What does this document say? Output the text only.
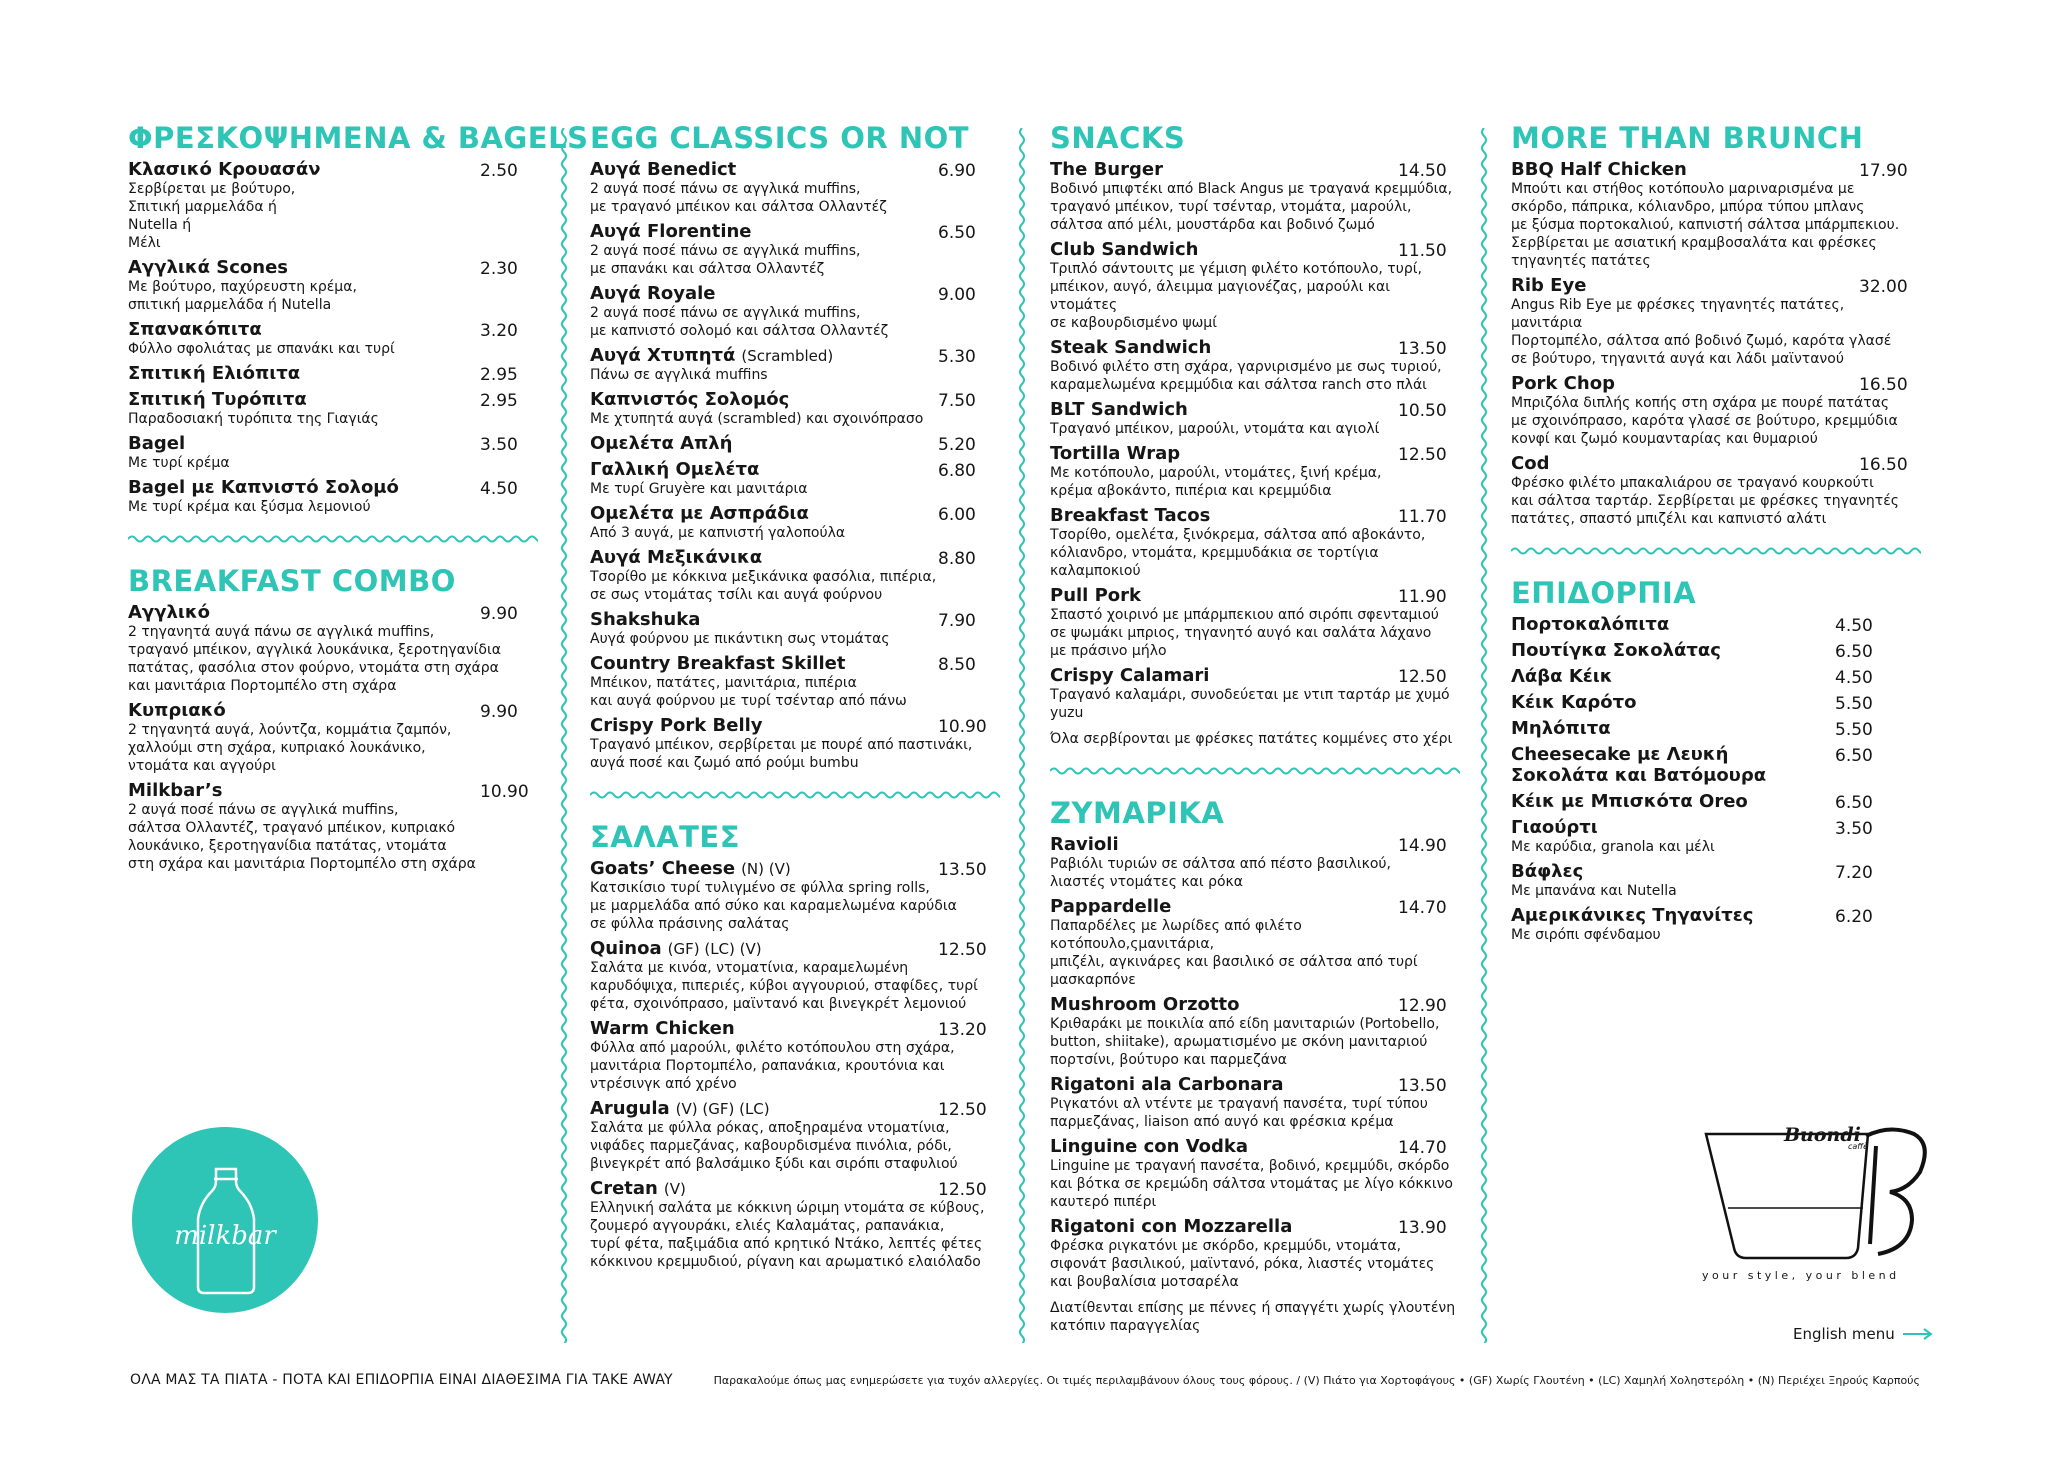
ΦΡΕΣΚΟΨΗΜΕΝΑ & BAGELS
Κλασικό Κρουασάν	2.50
Σερβίρεται με βούτυρο,
Σπιτική μαρμελάδα ή
Nutella ή
Μέλι
Αγγλικά Scones	2.30
Με βούτυρο, παχύρευστη κρέμα,
σπιτική μαρμελάδα ή Nutella
Σπανακόπιτα	3.20
Φύλλο σφολιάτας με σπανάκι και τυρί
Σπιτική Ελιόπιτα	2.95
Σπιτική Τυρόπιτα	2.95
Παραδοσιακή τυρόπιτα της Γιαγιάς
Bagel	3.50
Με τυρί κρέμα
Bagel με Καπνιστό Σολομό	4.50
Με τυρί κρέμα και ξύσμα λεμονιού
BREAKFAST COMBO
Αγγλικό	9.90
2 τηγανητά αυγά πάνω σε αγγλικά muffins,
τραγανό μπέικον, αγγλικά λουκάνικα, ξεροτηγανίδια
πατάτας, φασόλια στον φούρνο, ντομάτα στη σχάρα
και μανιτάρια Πορτομπέλο στη σχάρα
Κυπριακό	9.90
2 τηγανητά αυγά, λούντζα, κομμάτια ζαμπόν,
χαλλούμι στη σχάρα, κυπριακό λουκάνικο,
ντομάτα και αγγούρι
Milkbar’s	10.90
2 αυγά ποσέ πάνω σε αγγλικά muffins,
σάλτσα Ολλαντέζ, τραγανό μπέικον, κυπριακό
λουκάνικο, ξεροτηγανίδια πατάτας, ντομάτα
στη σχάρα και μανιτάρια Πορτομπέλο στη σχάρα
EGG CLASSICS OR NOT
Αυγά Benedict	6.90
2 αυγά ποσέ πάνω σε αγγλικά muffins,
με τραγανό μπέικον και σάλτσα Ολλαντέζ
Αυγά Florentine	6.50
2 αυγά ποσέ πάνω σε αγγλικά muffins,
με σπανάκι και σάλτσα Ολλαντέζ
Αυγά Royale	9.00
2 αυγά ποσέ πάνω σε αγγλικά muffins,
με καπνιστό σολομό και σάλτσα Ολλαντέζ
Αυγά Χτυπητά (Scrambled)	5.30
Πάνω σε αγγλικά muffins
Καπνιστός Σολομός	7.50
Με χτυπητά αυγά (scrambled) και σχοινόπρασο
Ομελέτα Απλή	5.20
Γαλλική Ομελέτα	6.80
Με τυρί Gruyère και μανιτάρια
Ομελέτα με Ασπράδια	6.00
Από 3 αυγά, με καπνιστή γαλοπούλα
Αυγά Μεξικάνικα	8.80
Τσορίθο με κόκκινα μεξικάνικα φασόλια, πιπέρια,
σε σως ντομάτας τσίλι και αυγά φούρνου
Shakshuka	7.90
Αυγά φούρνου με πικάντικη σως ντομάτας
Country Breakfast Skillet	8.50
Μπέικον, πατάτες, μανιτάρια, πιπέρια
και αυγά φούρνου με τυρί τσένταρ από πάνω
Crispy Pork Belly	10.90
Τραγανό μπέικον, σερβίρεται με πουρέ από παστινάκι,
αυγά ποσέ και ζωμό από ρούμι bumbu
ΣΑΛΑΤΕΣ
Goats’ Cheese (N) (V)	13.50
Κατσικίσιο τυρί τυλιγμένο σε φύλλα spring rolls,
με μαρμελάδα από σύκο και καραμελωμένα καρύδια
σε φύλλα πράσινης σαλάτας
Quinoa (GF) (LC) (V)	12.50
Σαλάτα με κινόα, ντοματίνια, καραμελωμένη
καρυδόψιχα, πιπεριές, κύβοι αγγουριού, σταφίδες, τυρί
φέτα, σχοινόπρασο, μαϊντανό και βινεγκρέτ λεμονιού
Warm Chicken	13.20
Φύλλα από μαρούλι, φιλέτο κοτόπουλου στη σχάρα,
μανιτάρια Πορτομπέλο, ραπανάκια, κρουτόνια και
ντρέσινγκ από χρένο
Arugula (V) (GF) (LC)	12.50
Σαλάτα με φύλλα ρόκας, αποξηραμένα ντοματίνια,
νιφάδες παρμεζάνας, καβουρδισμένα πινόλια, ρόδι,
βινεγκρέτ από βαλσάμικο ξύδι και σιρόπι σταφυλιού
Cretan (V)	12.50
Ελληνική σαλάτα με κόκκινη ώριμη ντομάτα σε κύβους,
ζουμερό αγγουράκι, ελιές Καλαμάτας, ραπανάκια,
τυρί φέτα, παξιμάδια από κρητικό Ντάκο, λεπτές φέτες
κόκκινου κρεμμυδιού, ρίγανη και αρωματικό ελαιόλαδο
SNACKS
The Burger	14.50
Βοδινό μπιφτέκι από Black Angus με τραγανά κρεμμύδια,
τραγανό μπέικον, τυρί τσένταρ, ντομάτα, μαρούλι,
σάλτσα από μέλι, μουστάρδα και βοδινό ζωμό
Club Sandwich	11.50
Τριπλό σάντουιτς με γέμιση φιλέτο κοτόπουλο, τυρί,
μπέικον, αυγό, άλειμμα μαγιονέζας, μαρούλι και ντομάτες
σε καβουρδισμένο ψωμί
Steak Sandwich	13.50
Βοδινό φιλέτο στη σχάρα, γαρνιρισμένο με σως τυριού,
καραμελωμένα κρεμμύδια και σάλτσα ranch στο πλάι
BLT Sandwich	10.50
Τραγανό μπέικον, μαρούλι, ντομάτα και αγιολί
Tortilla Wrap	12.50
Με κοτόπουλο, μαρούλι, ντομάτες, ξινή κρέμα,
κρέμα αβοκάντο, πιπέρια και κρεμμύδια
Breakfast Tacos	11.70
Τσορίθο, ομελέτα, ξινόκρεμα, σάλτσα από αβοκάντο,
κόλιανδρο, ντομάτα, κρεμμυδάκια σε τορτίγια καλαμποκιού
Pull Pork	11.90
Σπαστό χοιρινό με μπάρμπεκιου από σιρόπι σφενταμιού
σε ψωμάκι μπριος, τηγανητό αυγό και σαλάτα λάχανο
με πράσινο μήλο
Crispy Calamari	12.50
Τραγανό καλαμάρι, συνοδεύεται με ντιπ ταρτάρ με χυμό yuzu
Όλα σερβίρονται με φρέσκες πατάτες κομμένες στο χέρι
ΖΥΜΑΡΙΚΑ
Ravioli	14.90
Ραβιόλι τυριών σε σάλτσα από πέστο βασιλικού,
λιαστές ντομάτες και ρόκα
Pappardelle	14.70
Παπαρδέλες με λωρίδες από φιλέτο κοτόπουλο,ςμανιτάρια,
μπιζέλι, αγκινάρες και βασιλικό σε σάλτσα από τυρί
μασκαρπόνε
Mushroom Orzotto	12.90
Κριθαράκι με ποικιλία από είδη μανιταριών (Portobello,
button, shiitake), αρωματισμένο με σκόνη μανιταριού
πορτσίνι, βούτυρο και παρμεζάνα
Rigatoni ala Carbonara	13.50
Ριγκατόνι αλ ντέντε με τραγανή πανσέτα, τυρί τύπου
παρμεζάνας, liaison από αυγό και φρέσκια κρέμα
Linguine con Vodka	14.70
Linguine με τραγανή πανσέτα, βοδινό, κρεμμύδι, σκόρδο
και βότκα σε κρεμώδη σάλτσα ντομάτας με λίγο κόκκινο
καυτερό πιπέρι
Rigatoni con Mozzarella	13.90
Φρέσκα ριγκατόνι με σκόρδο, κρεμμύδι, ντομάτα,
σιφονάτ βασιλικού, μαϊντανό, ρόκα, λιαστές ντομάτες
και βουβαλίσια μοτσαρέλα
Διατίθενται επίσης με πέννες ή σπαγγέτι χωρίς γλουτένη
κατόπιν παραγγελίας
MORE THAN BRUNCH
BBQ Half Chicken	17.90
Μπούτι και στήθος κοτόπουλο μαριναρισμένα με
σκόρδο, πάπρικα, κόλιανδρο, μπύρα τύπου μπλανς
με ξύσμα πορτοκαλιού, καπνιστή σάλτσα μπάρμπεκιου.
Σερβίρεται με ασιατική κραμβοσαλάτα και φρέσκες
τηγανητές πατάτες
Rib Eye	32.00
Angus Rib Eye με φρέσκες τηγανητές πατάτες, μανιτάρια
Πορτομπέλο, σάλτσα από βοδινό ζωμό, καρότα γλασέ
σε βούτυρο, τηγανιτά αυγά και λάδι μαϊντανού
Pork Chop	16.50
Μπριζόλα διπλής κοπής στη σχάρα με πουρέ πατάτας
με σχοινόπρασο, καρότα γλασέ σε βούτυρο, κρεμμύδια
κονφί και ζωμό κουμανταρίας και θυμαριού
Cod	16.50
Φρέσκο φιλέτο μπακαλιάρου σε τραγανό κουρκούτι
και σάλτσα ταρτάρ. Σερβίρεται με φρέσκες τηγανητές
πατάτες, σπαστό μπιζέλι και καπνιστό αλάτι
ΕΠΙΔΟΡΠΙΑ
Πορτοκαλόπιτα	4.50
Πουτίγκα Σοκολάτας	6.50
Λάβα Κέικ	4.50
Κέικ Καρότο	5.50
Μηλόπιτα	5.50
Cheesecake με Λευκή Σοκολάτα και Βατόμουρα
6.50
Κέικ με Μπισκότα Oreo	6.50
Γιαούρτι	3.50
Με καρύδια, granola και μέλι
Βάφλες	7.20
Με μπανάνα και Nutella
Αμερικάνικες Τηγανίτες	6.20
Με σιρόπι σφένδαμου
milkbar
Buondi
caffè
your style, your blend
English menu
ΟΛΑ ΜΑΣ ΤΑ ΠΙΑΤΑ - ΠΟΤΑ ΚΑΙ ΕΠΙΔΟΡΠΙΑ ΕΙΝΑΙ ΔΙΑΘΕΣΙΜΑ ΓΙΑ TAKE AWAY	Παρακαλούμε όπως μας ενημερώσετε για τυχόν αλλεργίες. Οι τιμές περιλαμβάνουν όλους τους φόρους. / (V) Πιάτο για Χορτοφάγους • (GF) Χωρίς Γλουτένη • (LC) Χαμηλή Χοληστερόλη • (N) Περιέχει Ξηρούς Καρπούς
